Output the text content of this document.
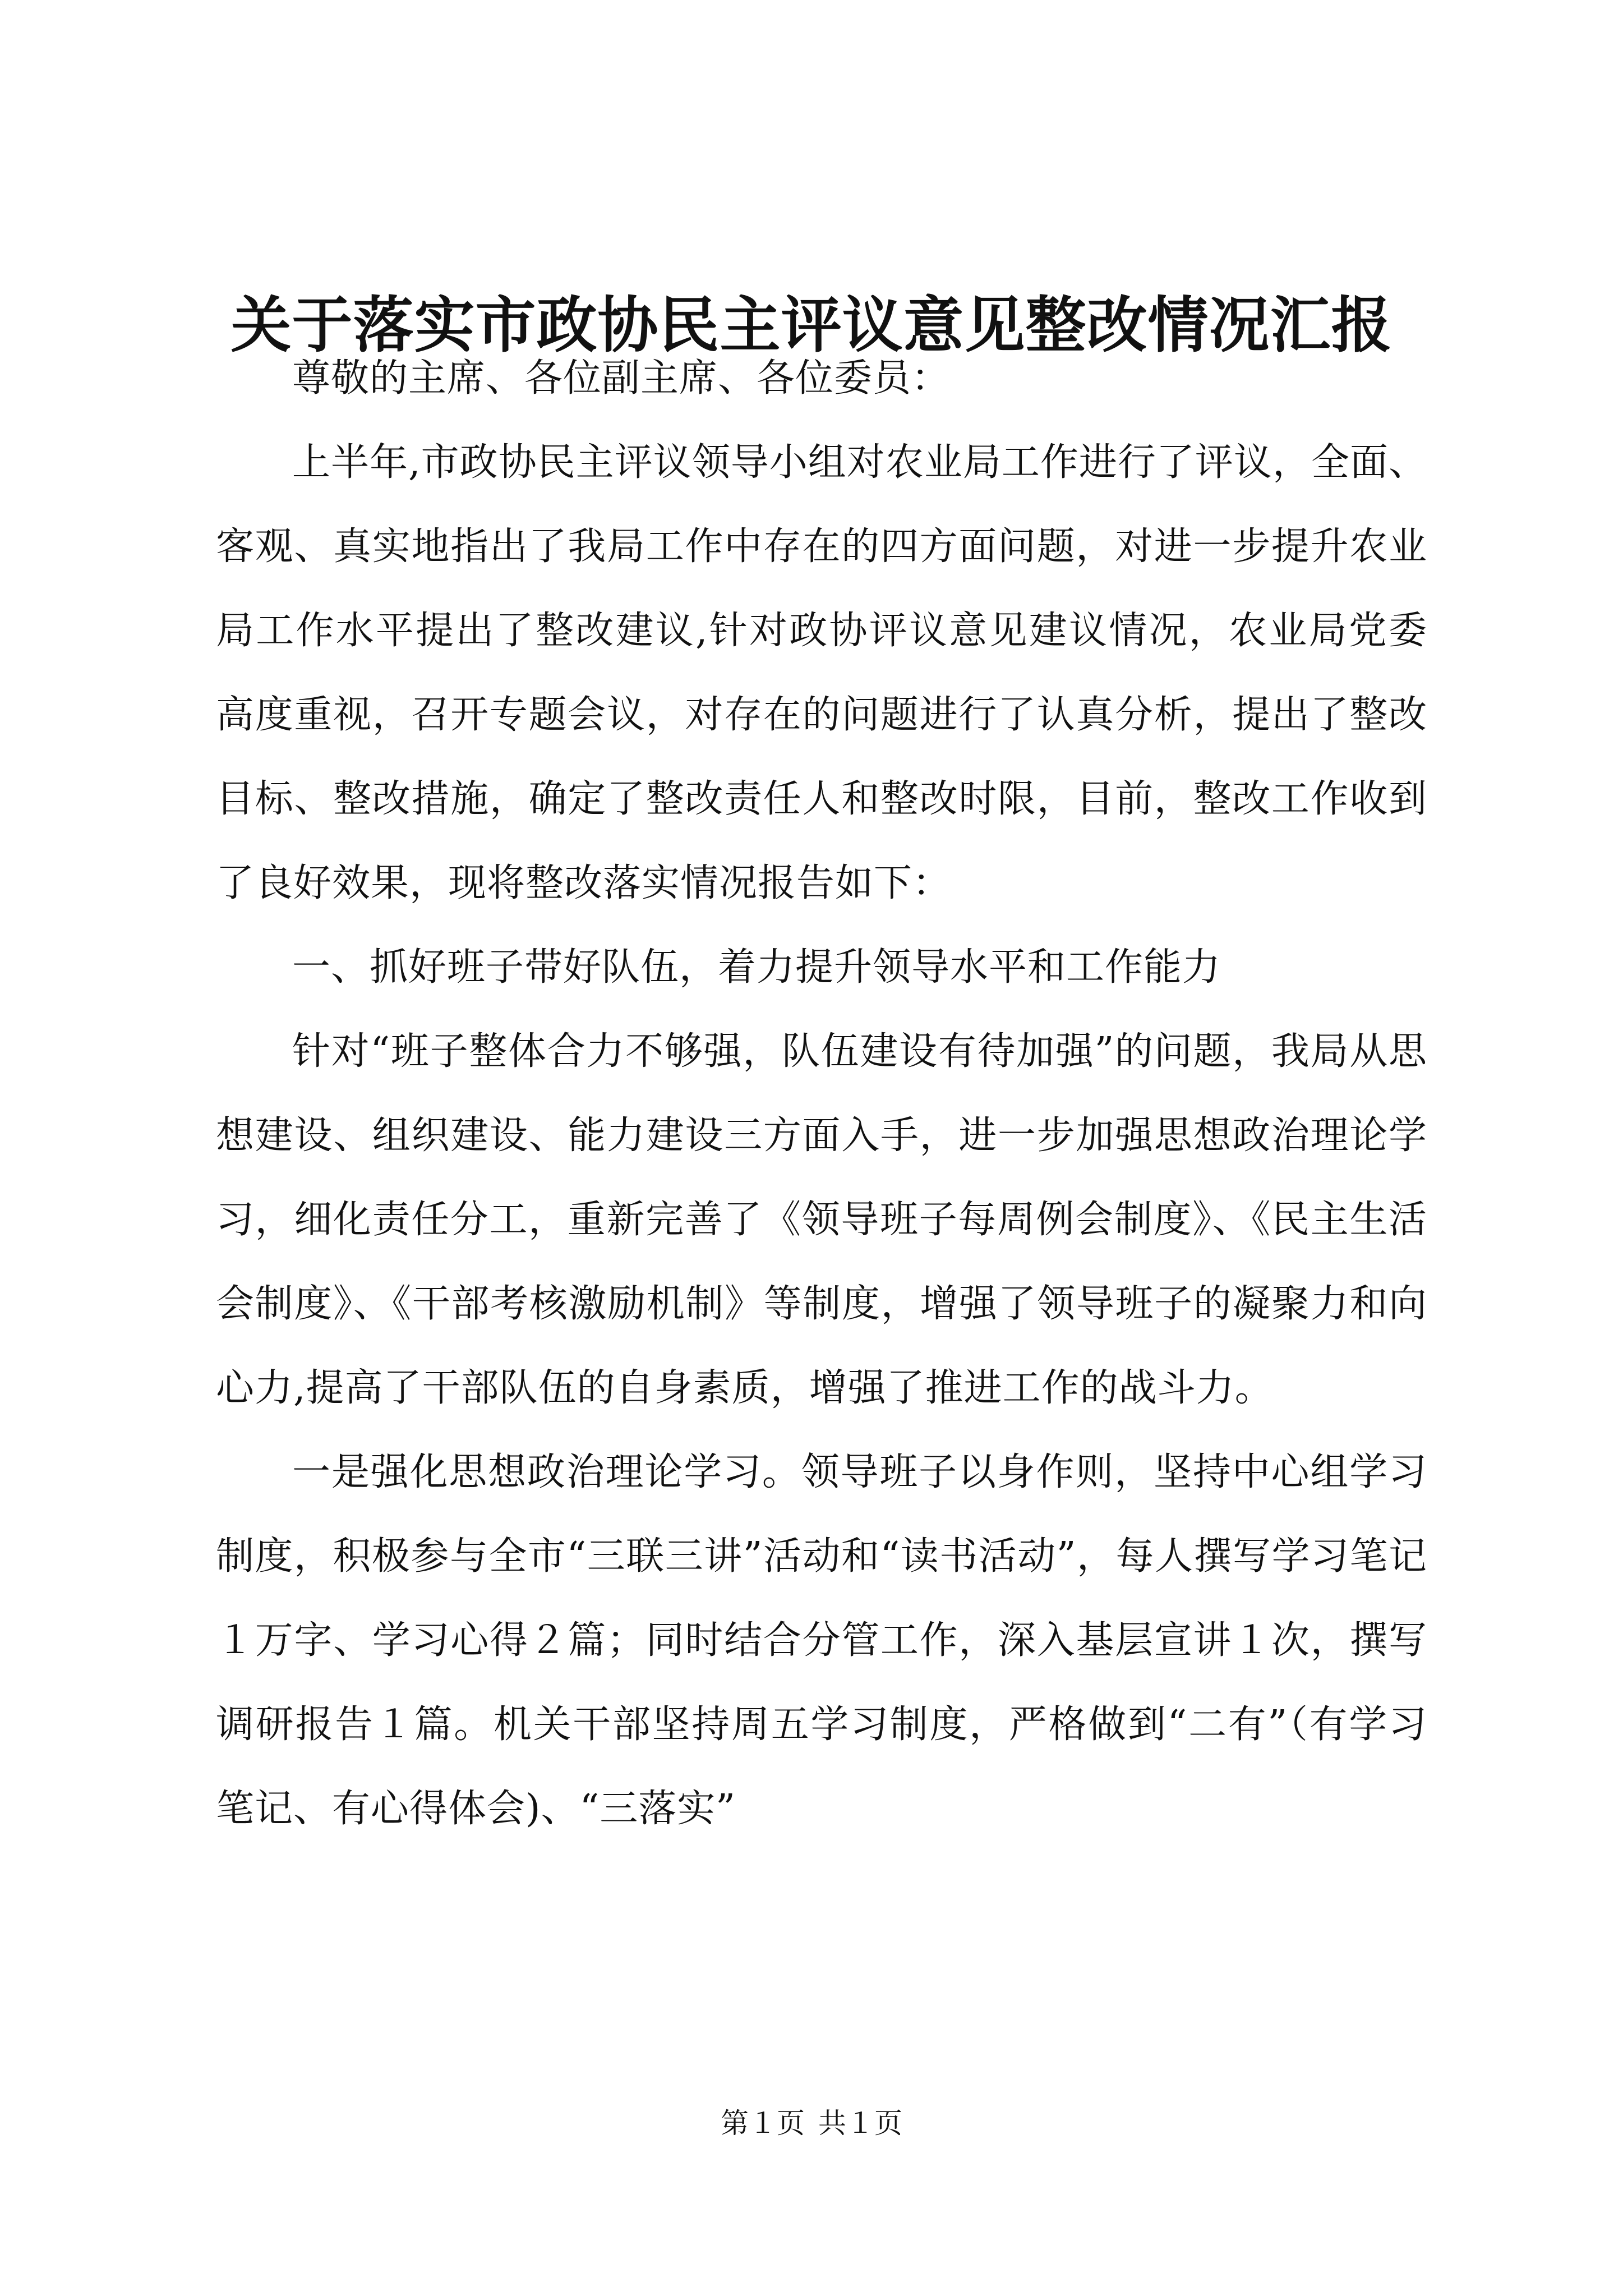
关于落实市政协民主评议意见整改情况汇报

尊敬的主席、各位副主席、各位委员：

上半年,市政协民主评议领导小组对农业局工作进行了评议，全面、客观、真实地指出了我局工作中存在的四方面问题，对进一步提升农业局工作水平提出了整改建议,针对政协评议意见建议情况，农业局党委高度重视，召开专题会议，对存在的问题进行了认真分析，提出了整改目标、整改措施，确定了整改责任人和整改时限，目前，整改工作收到了良好效果，现将整改落实情况报告如下：

一、抓好班子带好队伍，着力提升领导水平和工作能力

针对“班子整体合力不够强，队伍建设有待加强”的问题，我局从思想建设、组织建设、能力建设三方面入手，进一步加强思想政治理论学习，细化责任分工，重新完善了《领导班子每周例会制度》、《民主生活会制度》、《干部考核激励机制》等制度，增强了领导班子的凝聚力和向心力,提高了干部队伍的自身素质，增强了推进工作的战斗力。

一是强化思想政治理论学习。领导班子以身作则，坚持中心组学习制度，积极参与全市“三联三讲”活动和“读书活动”，每人撰写学习笔记１万字、学习心得２篇；同时结合分管工作，深入基层宣讲１次，撰写调研报告１篇。机关干部坚持周五学习制度，严格做到“二有”（有学习笔记、有心得体会)、“三落实”

第１页 共１页
